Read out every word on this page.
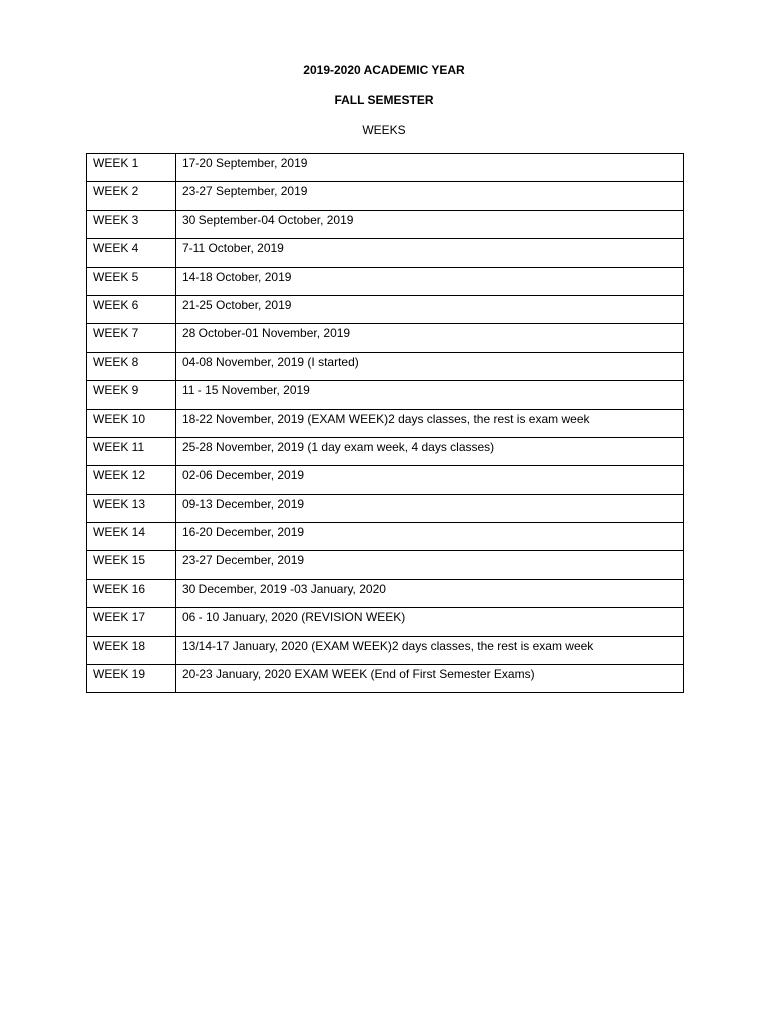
2019-2020 ACADEMIC YEAR

FALL SEMESTER

WEEKS

WEEK 1	17-20 September, 2019
WEEK 2	23-27 September, 2019
WEEK 3	30 September-04 October, 2019
WEEK 4	7-11 October, 2019
WEEK 5	14-18 October, 2019
WEEK 6	21-25 October, 2019
WEEK 7	28 October-01 November, 2019
WEEK 8	04-08 November, 2019 (I started)
WEEK 9	11 - 15 November, 2019
WEEK 10	18-22 November, 2019 (EXAM WEEK)2 days classes, the rest is exam week
WEEK 11	25-28 November, 2019 (1 day exam week, 4 days classes)
WEEK 12	02-06 December, 2019
WEEK 13	09-13 December, 2019
WEEK 14	16-20 December, 2019
WEEK 15	23-27 December, 2019
WEEK 16	30 December, 2019 -03 January, 2020
WEEK 17	06 - 10 January, 2020 (REVISION WEEK)
WEEK 18	13/14-17 January, 2020 (EXAM WEEK)2 days classes, the rest is exam week
WEEK 19	20-23 January, 2020 EXAM WEEK (End of First Semester Exams)
